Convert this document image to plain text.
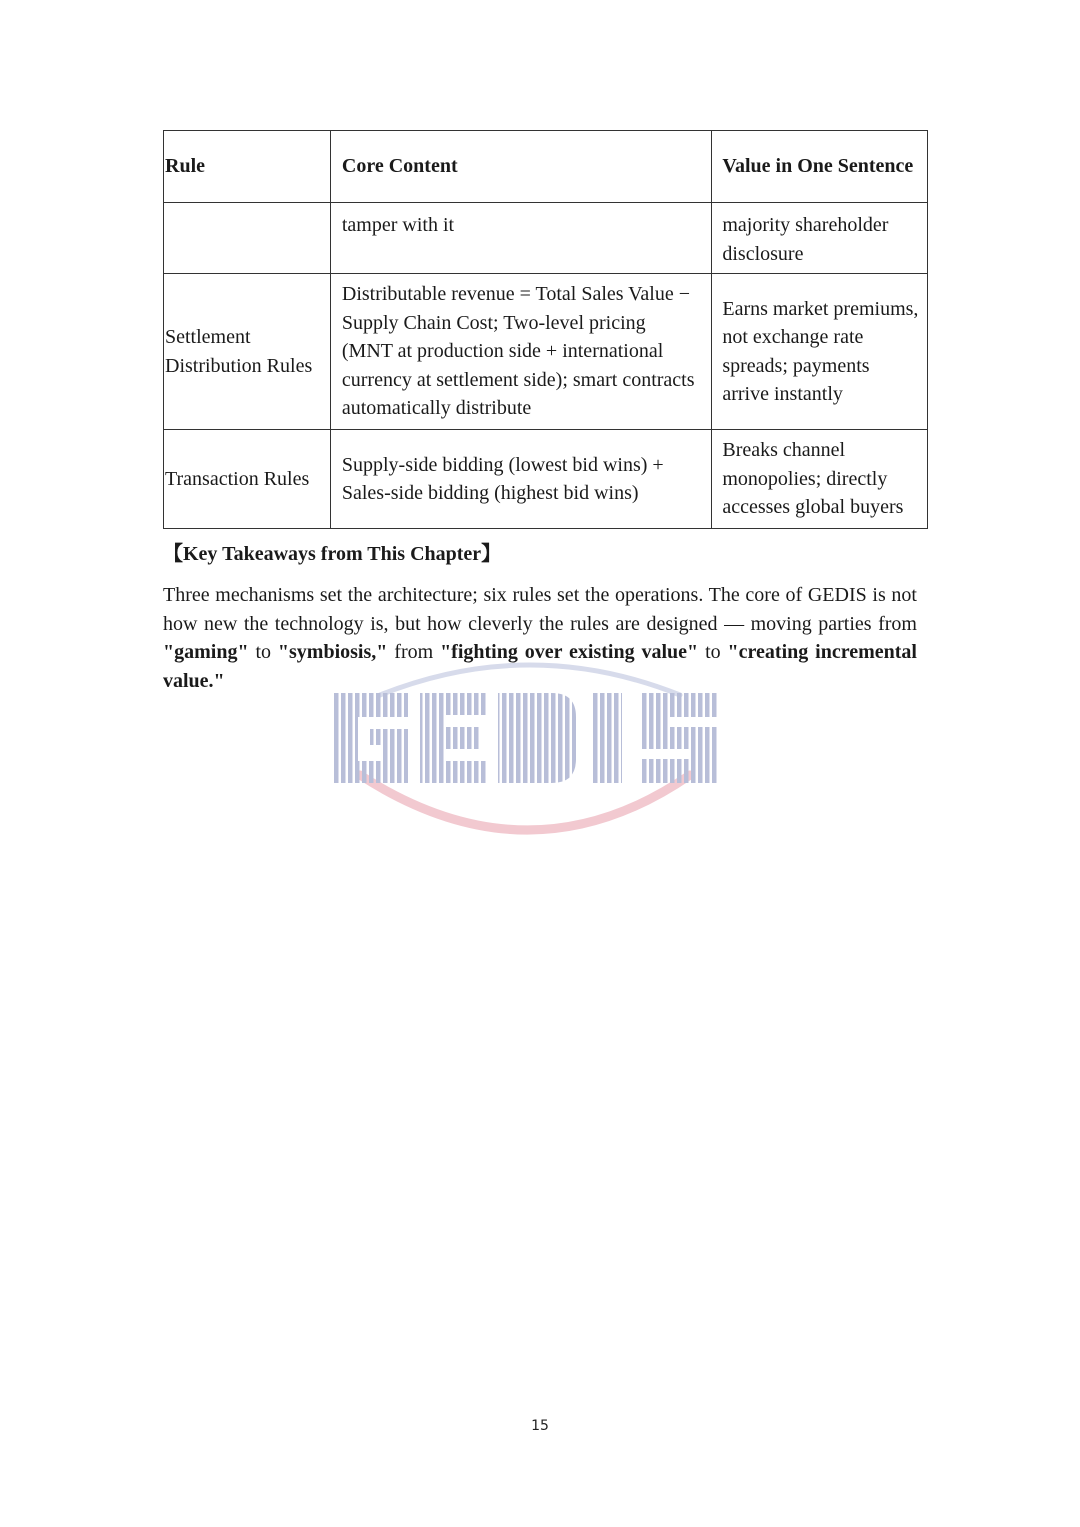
Rule	Core Content	Value in One Sentence
	tamper with it	majority shareholder disclosure
Settlement Distribution Rules	Distributable revenue = Total Sales Value − Supply Chain Cost; Two-level pricing (MNT at production side + international currency at settlement side); smart contracts automatically distribute	Earns market premiums, not exchange rate spreads; payments arrive instantly
Transaction Rules	Supply-side bidding (lowest bid wins) + Sales-side bidding (highest bid wins)	Breaks channel monopolies; directly accesses global buyers

【Key Takeaways from This Chapter】

Three mechanisms set the architecture; six rules set the operations. The core of GEDIS is not how new the technology is, but how cleverly the rules are designed — moving parties from "gaming" to "symbiosis," from "fighting over existing value" to "creating incremental value."

15
